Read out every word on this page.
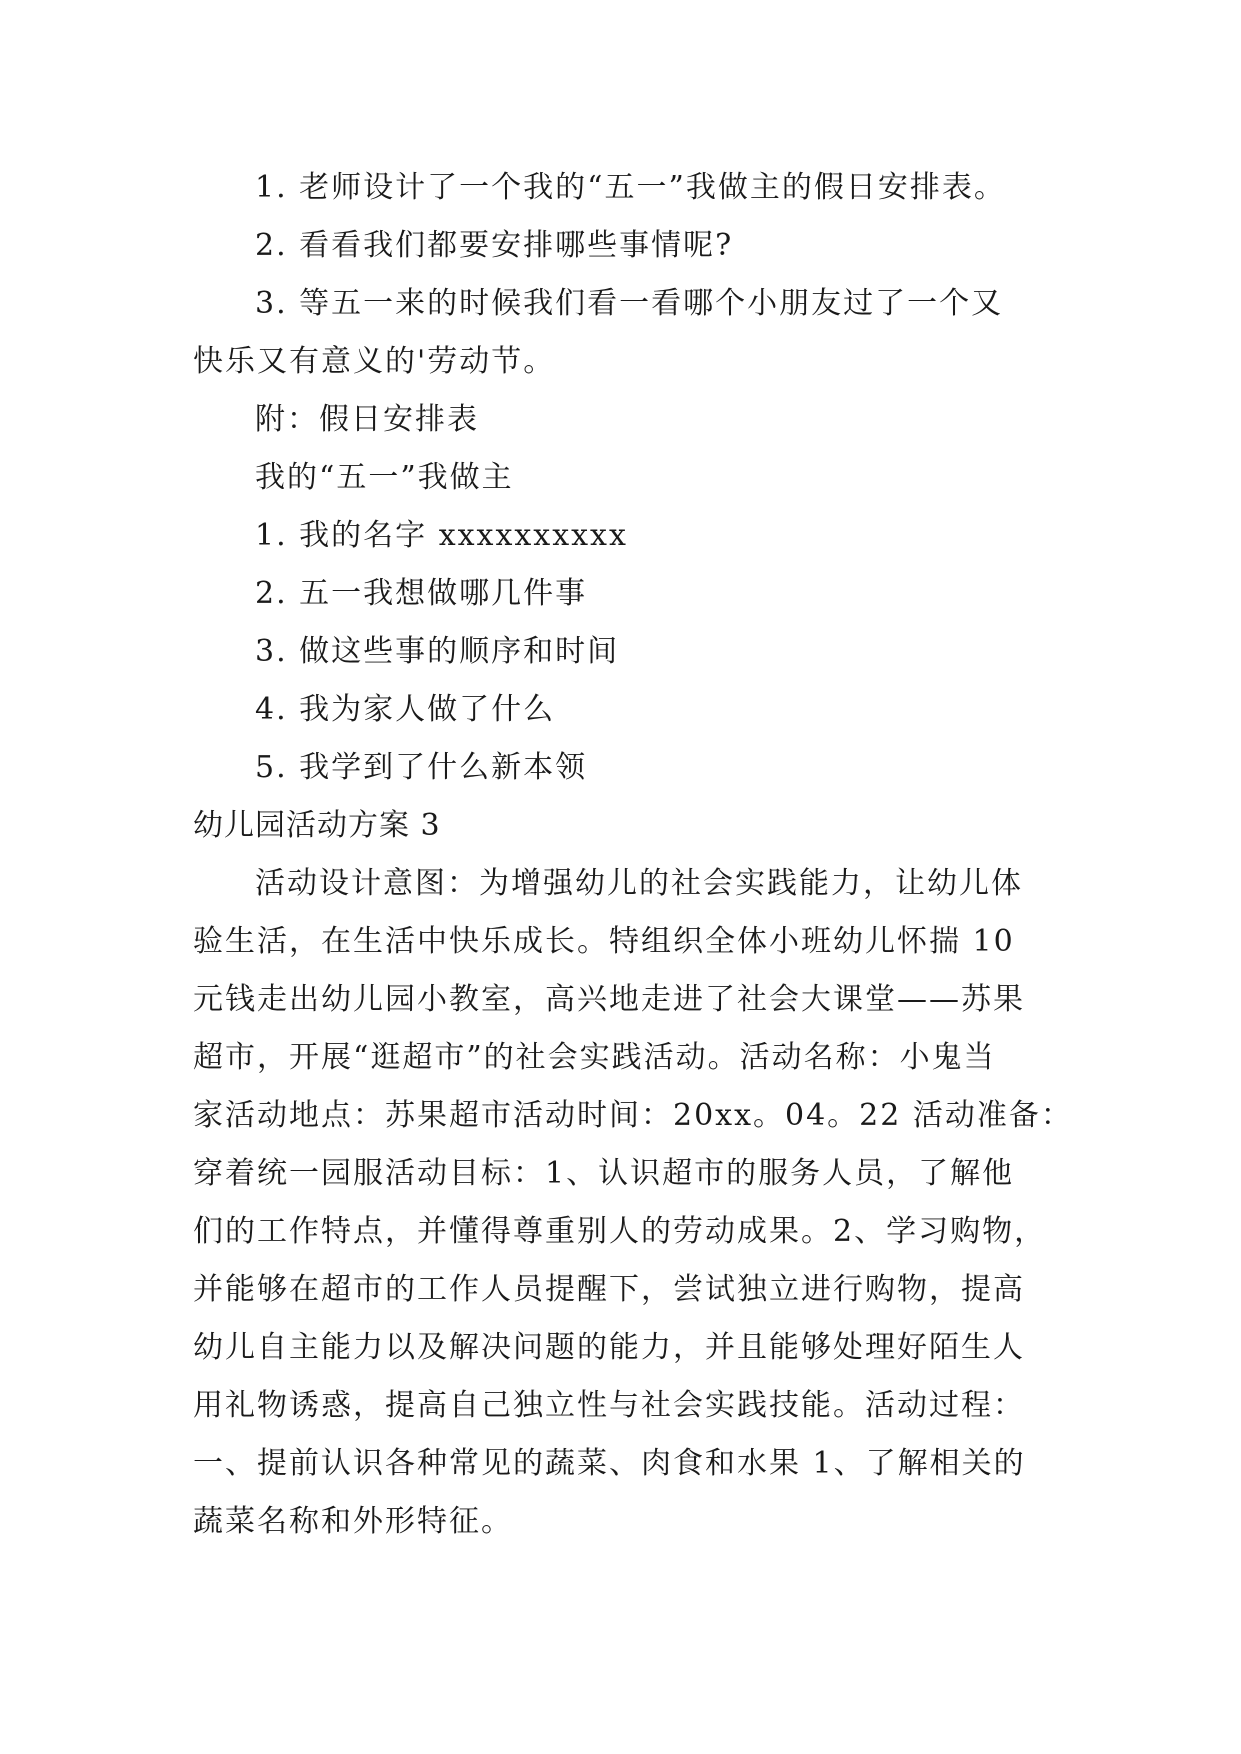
1. 老师设计了一个我的“五一”我做主的假日安排表。
2. 看看我们都要安排哪些事情呢?
3. 等五一来的时候我们看一看哪个小朋友过了一个又
快乐又有意义的'劳动节。
附：假日安排表
我的“五一”我做主
1. 我的名字 xxxxxxxxxx
2. 五一我想做哪几件事
3. 做这些事的顺序和时间
4. 我为家人做了什么
5. 我学到了什么新本领
幼儿园活动方案 3
活动设计意图：为增强幼儿的社会实践能力，让幼儿体
验生活，在生活中快乐成长。特组织全体小班幼儿怀揣 10
元钱走出幼儿园小教室，高兴地走进了社会大课堂——苏果
超市，开展“逛超市”的社会实践活动。活动名称：小鬼当
家活动地点：苏果超市活动时间：20xx。04。22 活动准备：
穿着统一园服活动目标：1、认识超市的服务人员，了解他
们的工作特点，并懂得尊重别人的劳动成果。2、学习购物，
并能够在超市的工作人员提醒下，尝试独立进行购物，提高
幼儿自主能力以及解决问题的能力，并且能够处理好陌生人
用礼物诱惑，提高自己独立性与社会实践技能。活动过程：
一、提前认识各种常见的蔬菜、肉食和水果 1、了解相关的
蔬菜名称和外形特征。
